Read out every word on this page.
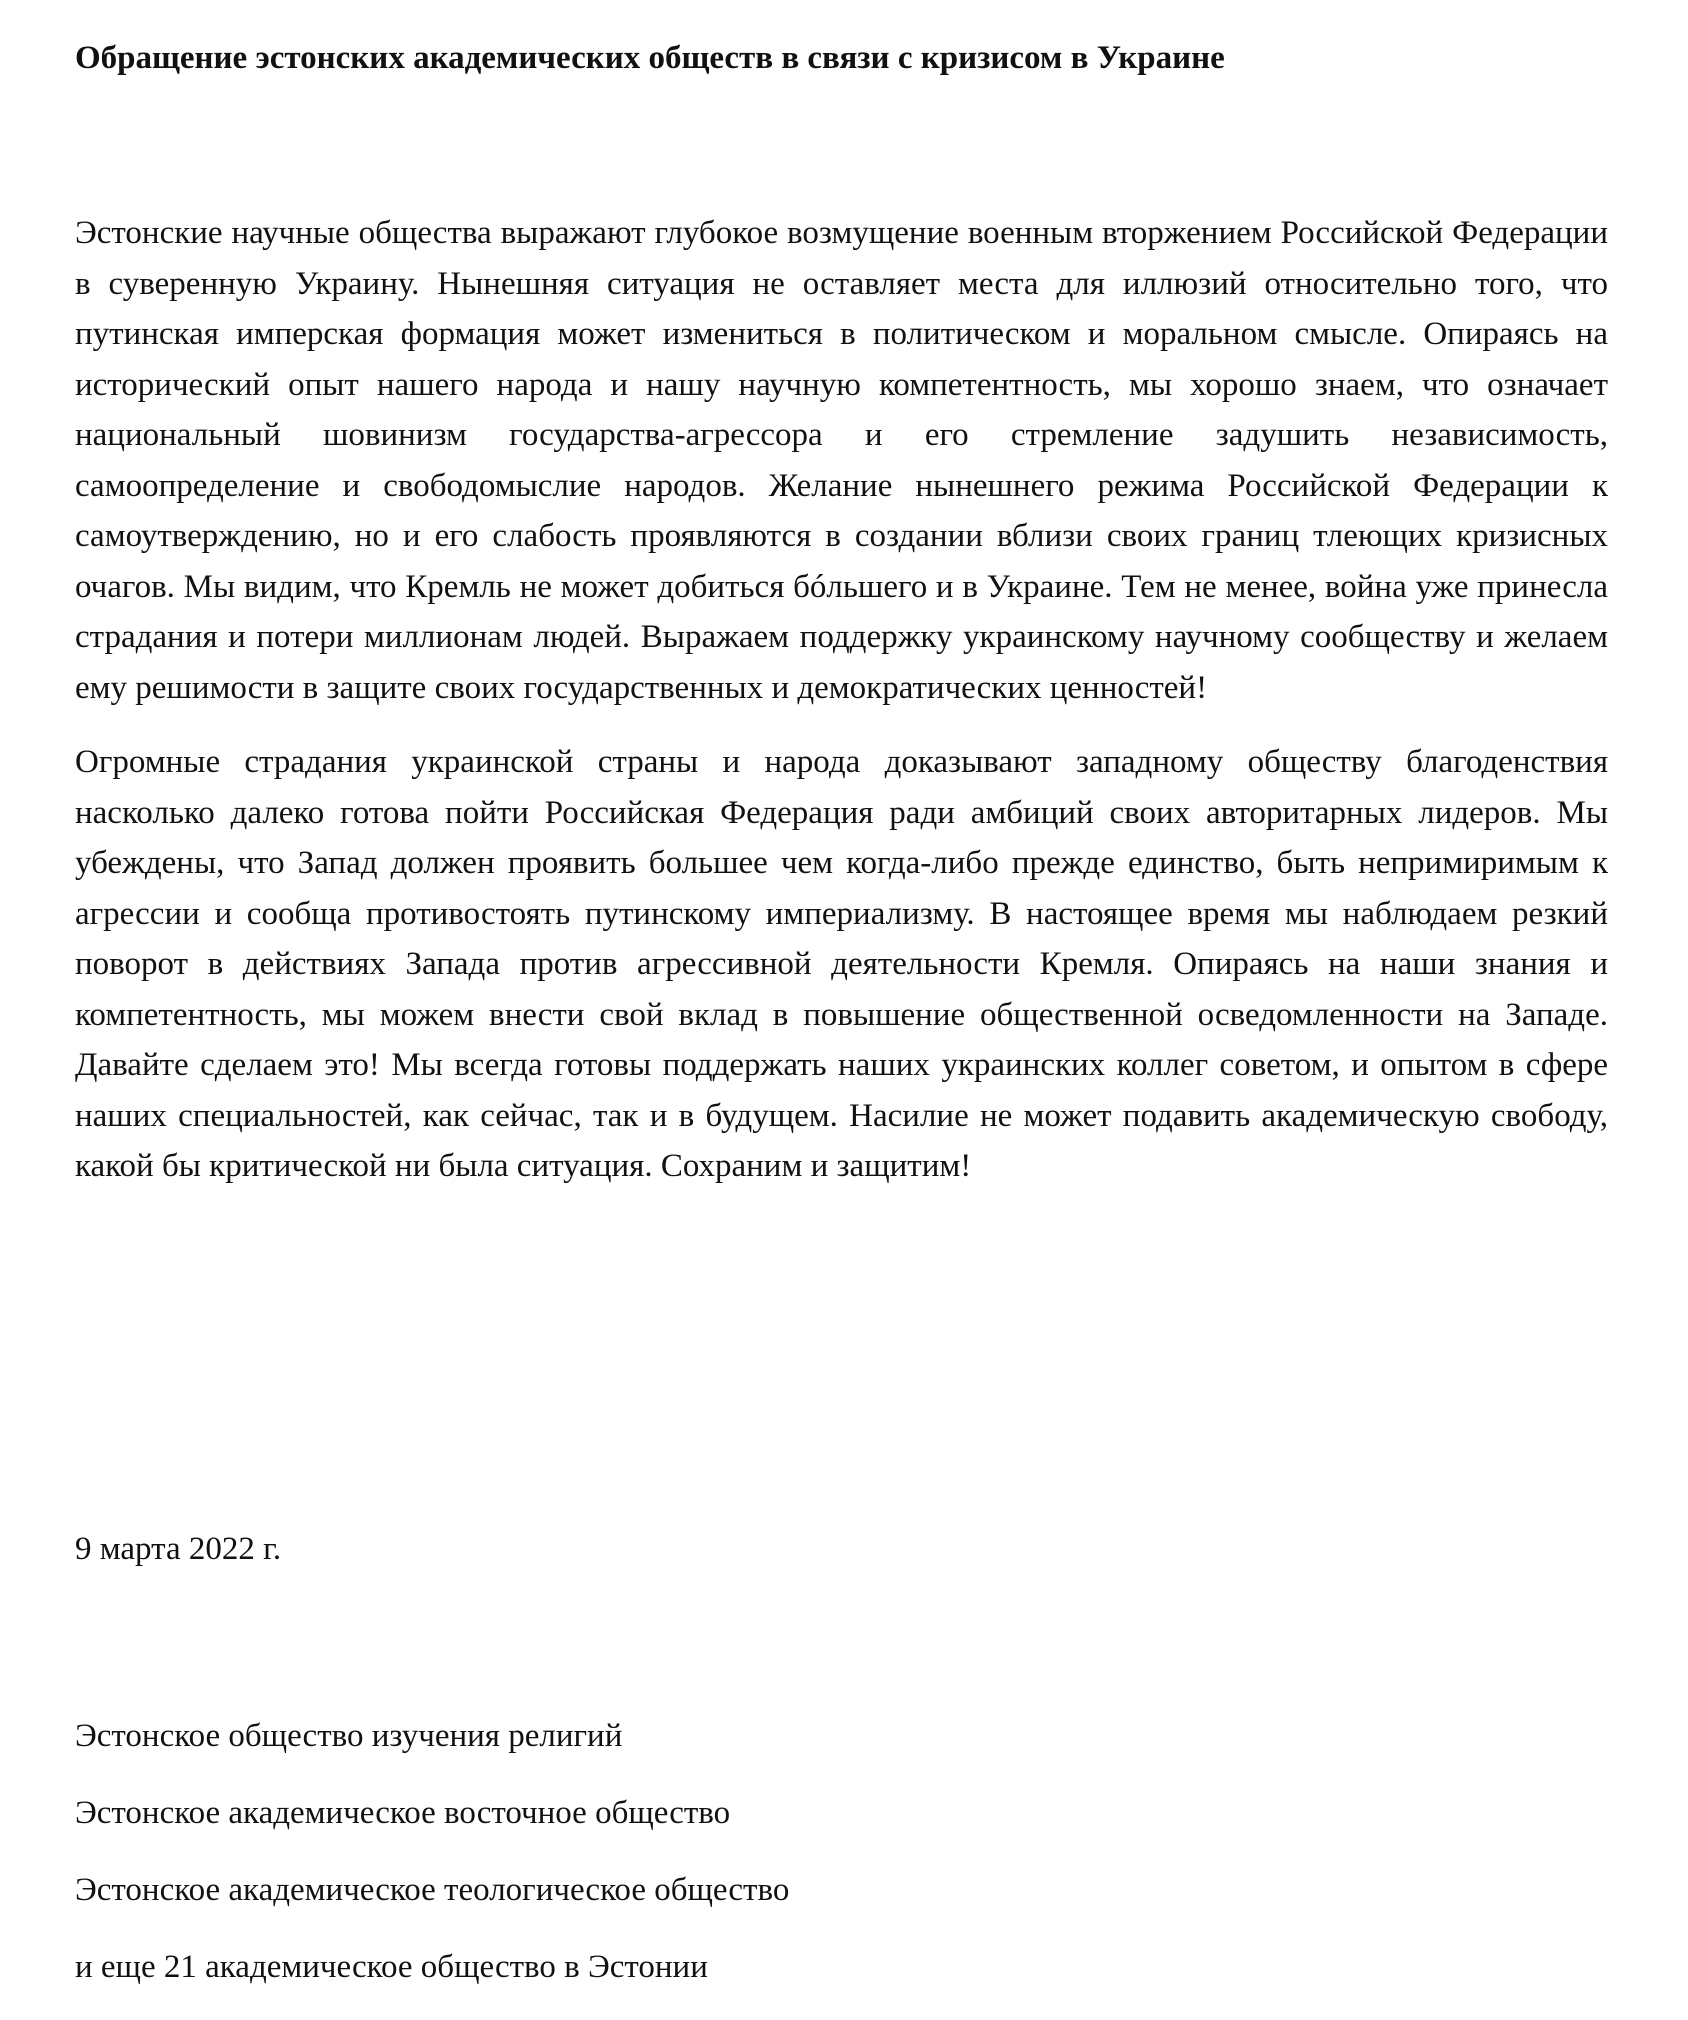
Обращение эстонских академических обществ в связи с кризисом в Украине

Эстонские научные общества выражают глубокое возмущение военным вторжением Российской Федерации в суверенную Украину. Нынешняя ситуация не оставляет места для иллюзий относительно того, что путинская имперская формация может измениться в политическом и моральном смысле. Опираясь на исторический опыт нашего народа и нашу научную компетентность, мы хорошо знаем, что означает национальный шовинизм государства-агрессора и его стремление задушить независимость, самоопределение и свободомыслие народов. Желание нынешнего режима Российской Федерации к самоутверждению, но и его слабость проявляются в создании вблизи своих границ тлеющих кризисных очагов. Мы видим, что Кремль не может добиться бóльшего и в Украине. Тем не менее, война уже принесла страдания и потери миллионам людей. Выражаем поддержку украинскому научному сообществу и желаем ему решимости в защите своих государственных и демократических ценностей!

Огромные страдания украинской страны и народа доказывают западному обществу благоденствия насколько далеко готова пойти Российская Федерация ради амбиций своих авторитарных лидеров. Мы убеждены, что Запад должен проявить большее чем когда-либо прежде единство, быть непримиримым к агрессии и сообща противостоять путинскому империализму. В настоящее время мы наблюдаем резкий поворот в действиях Запада против агрессивной деятельности Кремля. Опираясь на наши знания и компетентность, мы можем внести свой вклад в повышение общественной осведомленности на Западе. Давайте сделаем это! Мы всегда готовы поддержать наших украинских коллег советом, и опытом в сфере наших специальностей, как сейчас, так и в будущем. Насилие не может подавить академическую свободу, какой бы критической ни была ситуация. Сохраним и защитим!

9 марта 2022 г.

Эстонское общество изучения религий
Эстонское академическое восточное общество
Эстонское академическое теологическое общество
и еще 21 академическое общество в Эстонии
